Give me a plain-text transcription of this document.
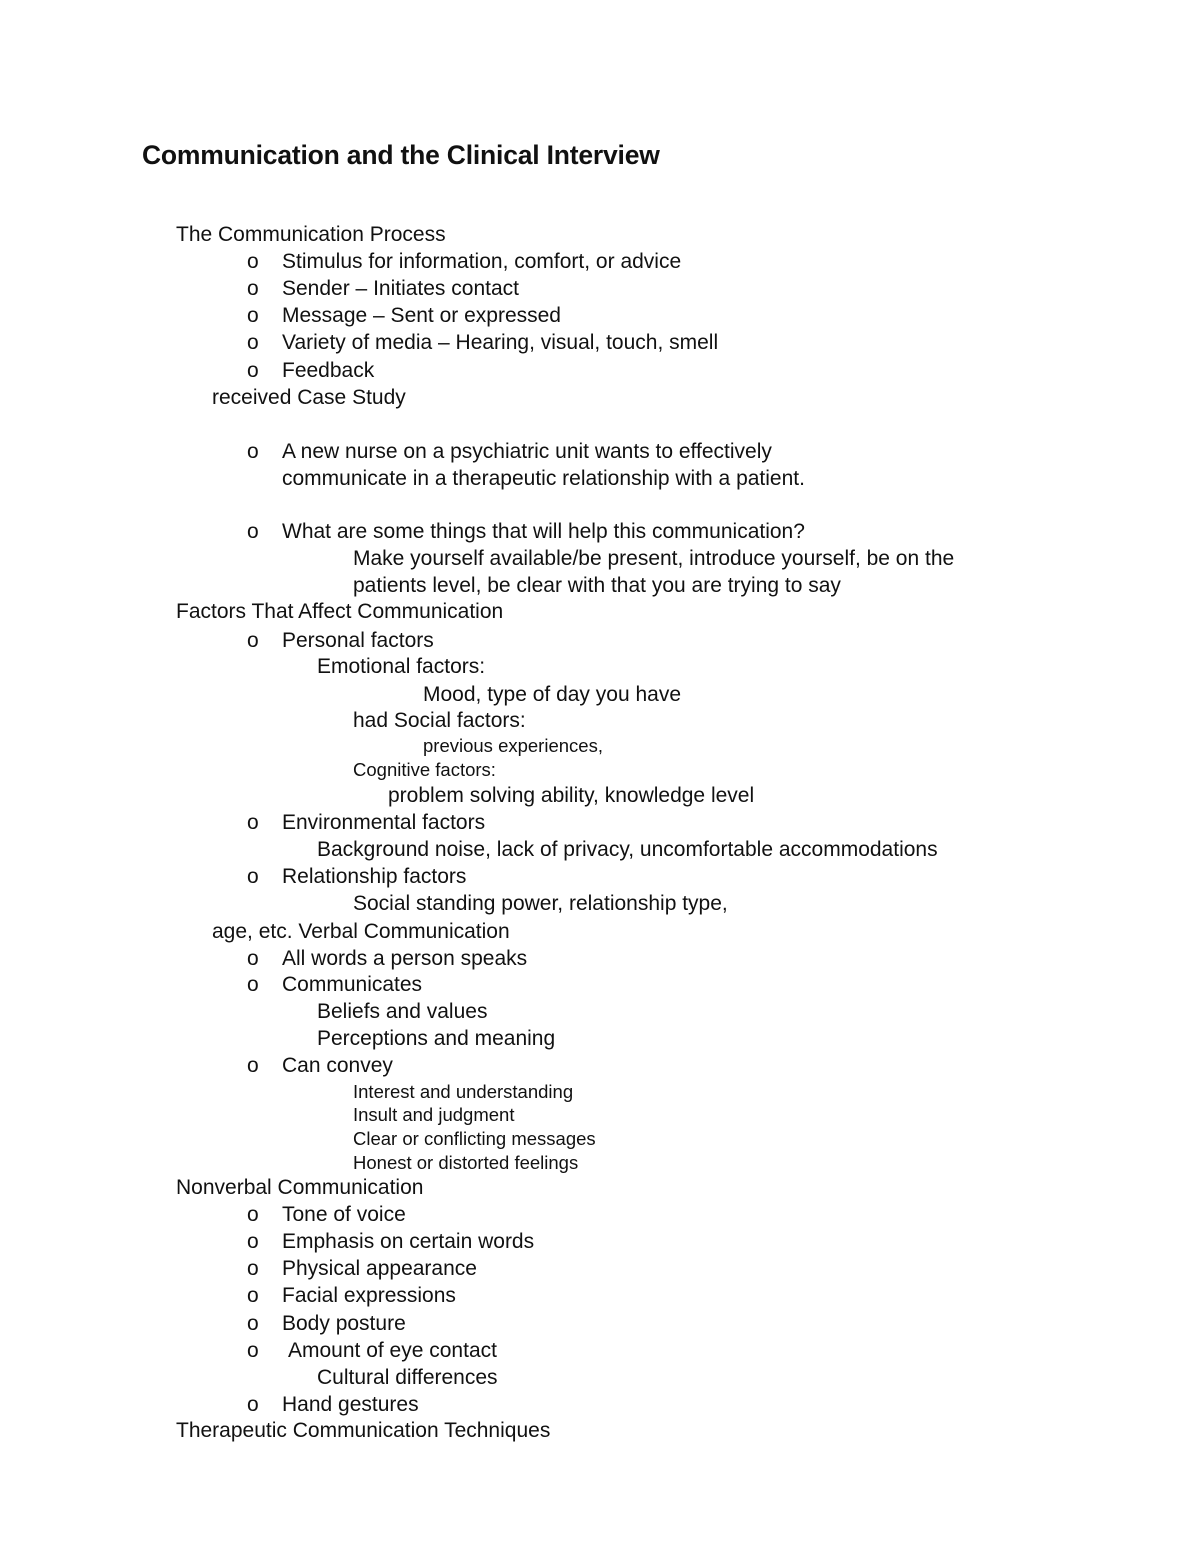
Communication and the Clinical Interview
The Communication Process
o Stimulus for information, comfort, or advice
o Sender – Initiates contact
o Message – Sent or expressed
o Variety of media – Hearing, visual, touch, smell
o Feedback
received Case Study
o A new nurse on a psychiatric unit wants to effectively
communicate in a therapeutic relationship with a patient.
o What are some things that will help this communication?
Make yourself available/be present, introduce yourself, be on the
patients level, be clear with that you are trying to say
Factors That Affect Communication
o Personal factors
Emotional factors:
Mood, type of day you have
had Social factors:
previous experiences,
Cognitive factors:
problem solving ability, knowledge level
o Environmental factors
Background noise, lack of privacy, uncomfortable accommodations
o Relationship factors
Social standing power, relationship type,
age, etc. Verbal Communication
o All words a person speaks
o Communicates
Beliefs and values
Perceptions and meaning
o Can convey
Interest and understanding
Insult and judgment
Clear or conflicting messages
Honest or distorted feelings
Nonverbal Communication
o Tone of voice
o Emphasis on certain words
o Physical appearance
o Facial expressions
o Body posture
o Amount of eye contact
Cultural differences
o Hand gestures
Therapeutic Communication Techniques
